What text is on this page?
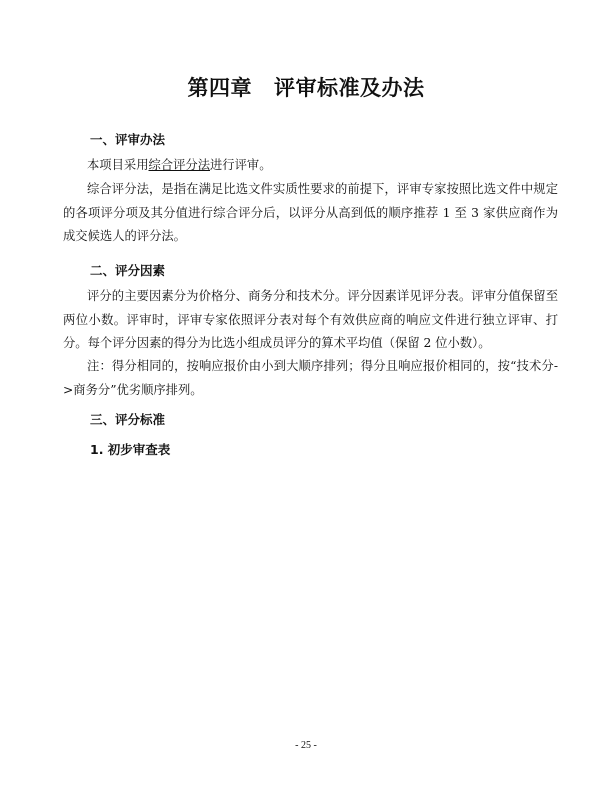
第四章 评审标准及办法
一、评审办法
本项目采用综合评分法进行评审。
综合评分法，是指在满足比选文件实质性要求的前提下，评审专家按照比选文件中规定的各项评分项及其分值进行综合评分后，以评分从高到低的顺序推荐 1 至 3 家供应商作为成交候选人的评分法。
二、评分因素
评分的主要因素分为价格分、商务分和技术分。评分因素详见评分表。评审分值保留至两位小数。评审时，评审专家依照评分表对每个有效供应商的响应文件进行独立评审、打分。每个评分因素的得分为比选小组成员评分的算术平均值（保留 2 位小数）。
注：得分相同的，按响应报价由小到大顺序排列；得分且响应报价相同的，按“技术分->商务分”优劣顺序排列。
三、评分标准
1. 初步审查表
- 25 -
